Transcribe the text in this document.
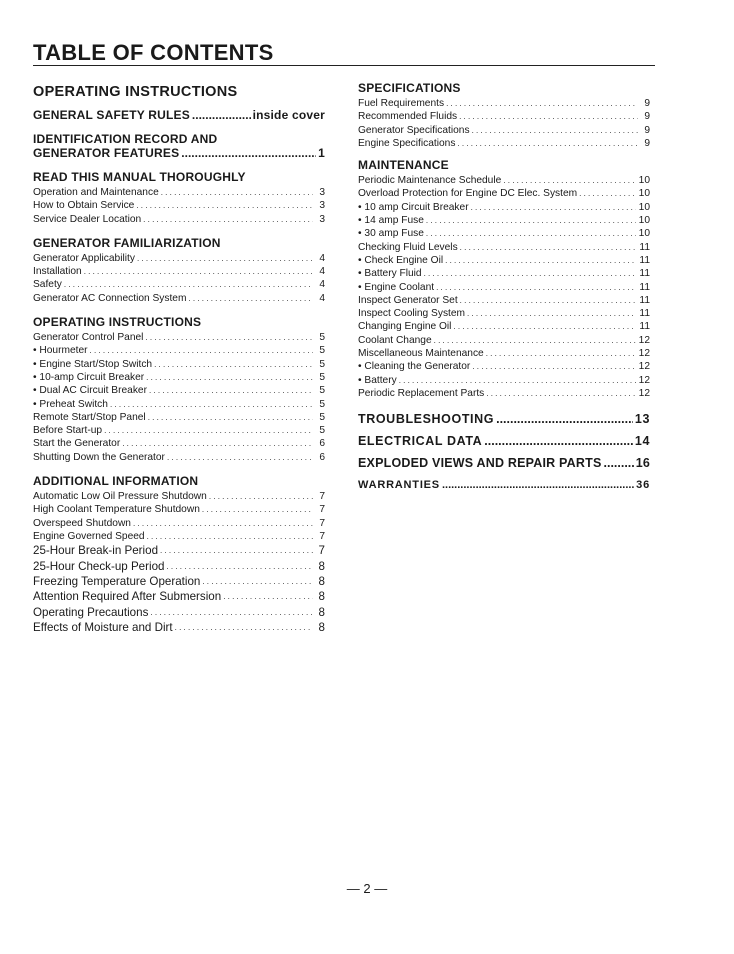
TABLE OF CONTENTS
OPERATING INSTRUCTIONS
GENERAL SAFETY RULES .....	inside cover
IDENTIFICATION RECORD AND
GENERATOR FEATURES .....	1
READ THIS MANUAL THOROUGHLY
Operation and Maintenance . . .	3
How to Obtain Service . . .	3
Service Dealer Location . . .	3
GENERATOR FAMILIARIZATION
Generator Applicability . . .	4
Installation . . .	4
Safety . . .	4
Generator AC Connection System . . .	4
OPERATING INSTRUCTIONS
Generator Control Panel . . .	5
• Hourmeter . . .	5
• Engine Start/Stop Switch . . .	5
• 10-amp Circuit Breaker . . .	5
• Dual AC Circuit Breaker . . .	5
• Preheat Switch . . .	5
Remote Start/Stop Panel . . .	5
Before Start-up . . .	5
Start the Generator . . .	6
Shutting Down the Generator . . .	6
ADDITIONAL INFORMATION
Automatic Low Oil Pressure Shutdown . . .	7
High Coolant Temperature Shutdown . . .	7
Overspeed Shutdown . . .	7
Engine Governed Speed . . .	7
25-Hour Break-in Period . . .	7
25-Hour Check-up Period . . .	8
Freezing Temperature Operation . . .	8
Attention Required After Submersion . . .	8
Operating Precautions . . .	8
Effects of Moisture and Dirt . . .	8
SPECIFICATIONS
Fuel Requirements . . .	9
Recommended Fluids . . .	9
Generator Specifications . . .	9
Engine Specifications . . .	9
MAINTENANCE
Periodic Maintenance Schedule . . .	10
Overload Protection for Engine DC Elec. System . . .	10
• 10 amp Circuit Breaker . . .	10
• 14 amp Fuse . . .	10
• 30 amp Fuse . . .	10
Checking Fluid Levels . . .	11
• Check Engine Oil . . .	11
• Battery Fluid . . .	11
• Engine Coolant . . .	11
Inspect Generator Set . . .	11
Inspect Cooling System . . .	11
Changing Engine Oil . . .	11
Coolant Change . . .	12
Miscellaneous Maintenance . . .	12
• Cleaning the Generator . . .	12
• Battery . . .	12
Periodic Replacement Parts . . .	12
TROUBLESHOOTING .....	13
ELECTRICAL DATA .....	14
EXPLODED VIEWS AND REPAIR PARTS .....	16
WARRANTIES .....	36
— 2 —
